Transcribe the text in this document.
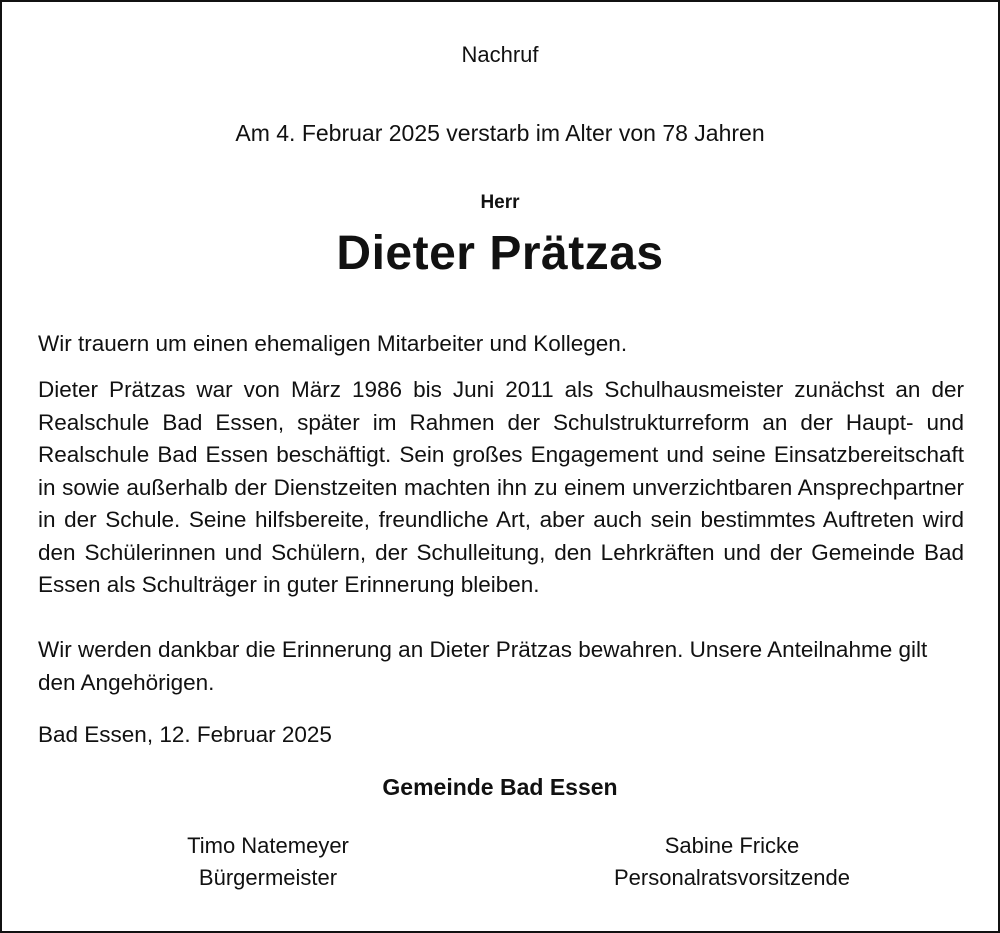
Nachruf
Am 4. Februar 2025 verstarb im Alter von 78 Jahren
Herr
Dieter Prätzas
Wir trauern um einen ehemaligen Mitarbeiter und Kollegen.
Dieter Prätzas war von März 1986 bis Juni 2011 als Schulhausmeister zunächst an der Realschule Bad Essen, später im Rahmen der Schulstrukturreform an der Haupt- und Realschule Bad Essen beschäftigt. Sein großes Engagement und seine Einsatzbereitschaft in sowie außerhalb der Dienstzeiten machten ihn zu einem unverzichtbaren Ansprechpartner in der Schule. Seine hilfsbereite, freundliche Art, aber auch sein bestimmtes Auftreten wird den Schülerinnen und Schülern, der Schulleitung, den Lehrkräften und der Gemeinde Bad Essen als Schulträger in guter Erinnerung bleiben.
Wir werden dankbar die Erinnerung an Dieter Prätzas bewahren. Unsere Anteilnahme gilt den Angehörigen.
Bad Essen, 12. Februar 2025
Gemeinde Bad Essen
Timo Natemeyer
Bürgermeister
Sabine Fricke
Personalratsvorsitzende
